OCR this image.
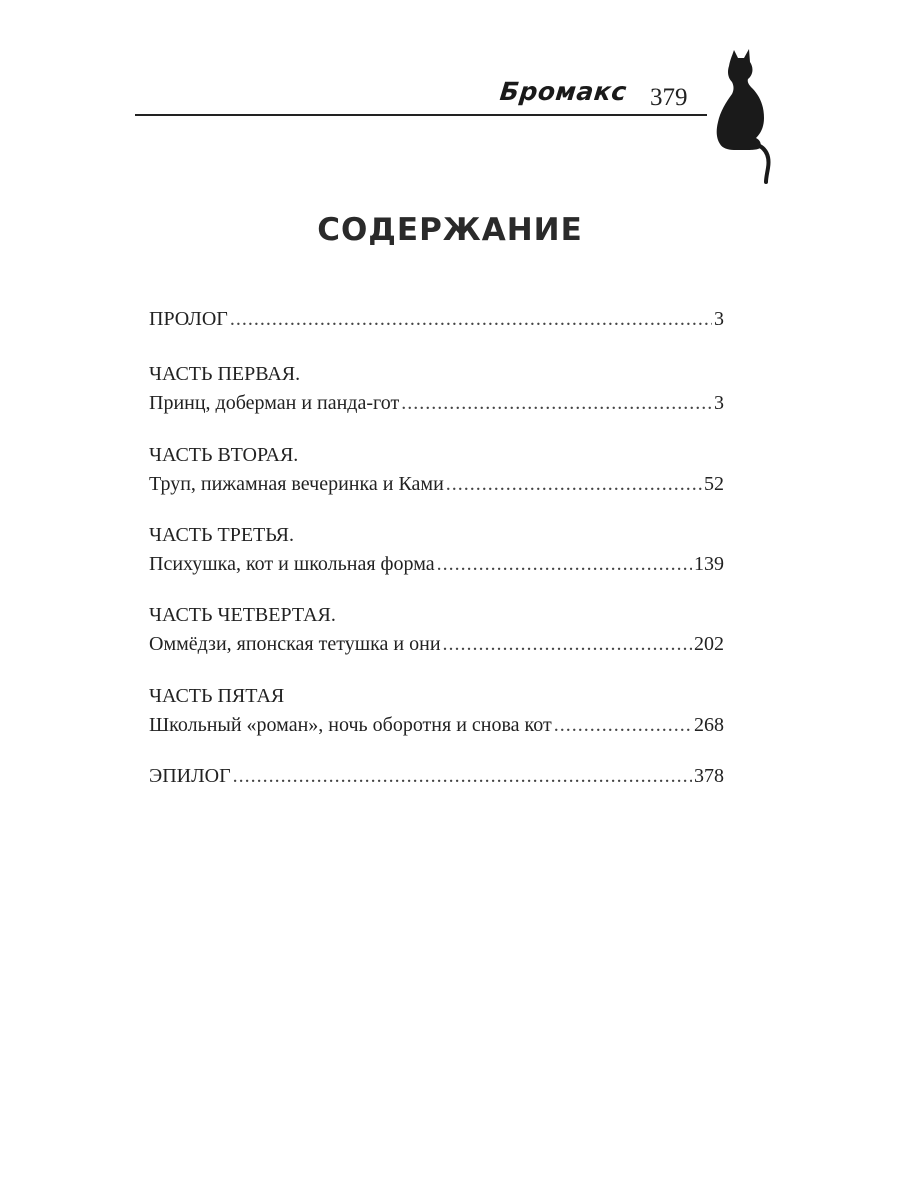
Бромакс 379
СОДЕРЖАНИЕ
ПРОЛОГ .....	3
ЧАСТЬ ПЕРВАЯ.
Принц, доберман и панда-гот .....	3
ЧАСТЬ ВТОРАЯ.
Труп, пижамная вечеринка и Ками .....	52
ЧАСТЬ ТРЕТЬЯ.
Психушка, кот и школьная форма .....	139
ЧАСТЬ ЧЕТВЕРТАЯ.
Оммёдзи, японская тетушка и они .....	202
ЧАСТЬ ПЯТАЯ
Школьный «роман», ночь оборотня и снова кот .....	268
ЭПИЛОГ .....	378
